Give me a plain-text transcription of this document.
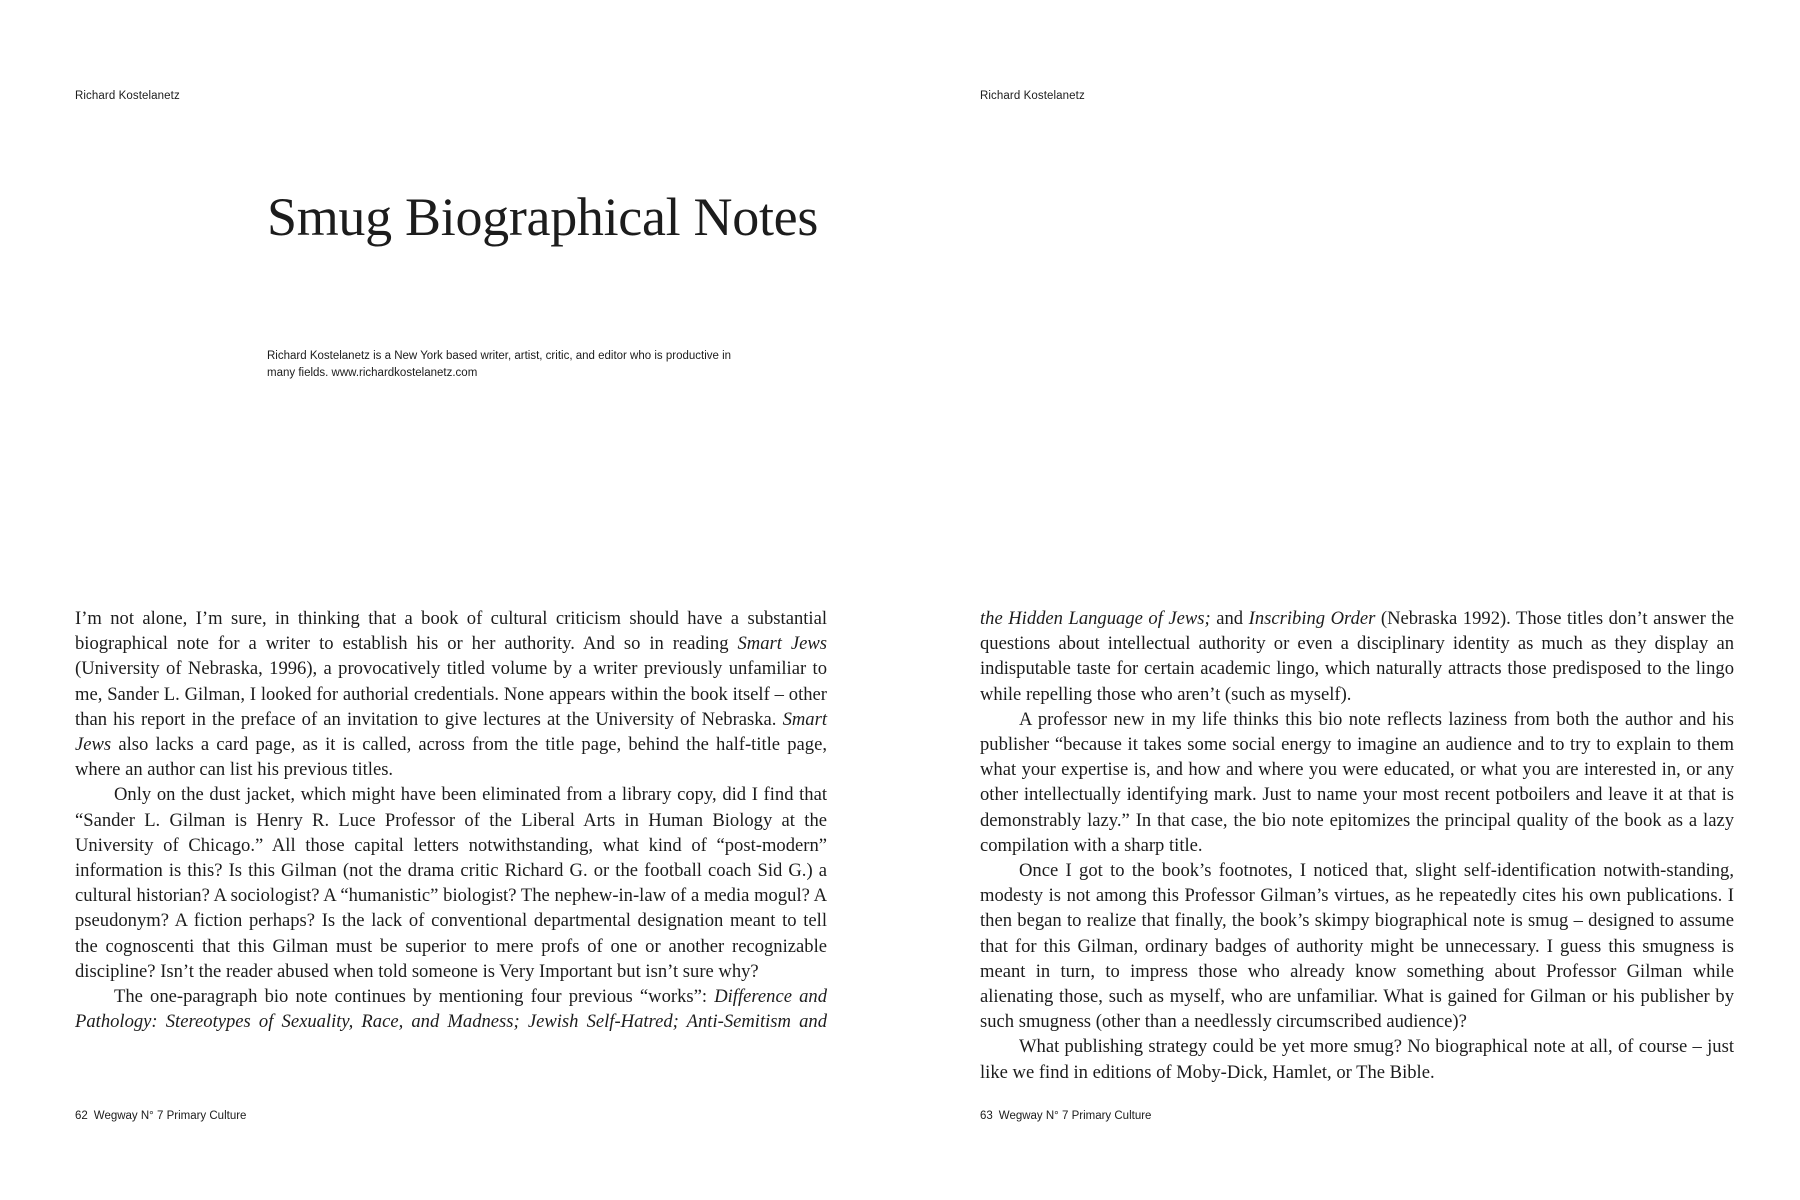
Richard Kostelanetz
Smug Biographical Notes
Richard Kostelanetz is a New York based writer, artist, critic, and editor who is productive in
many fields. www.richardkostelanetz.com

I’m not alone, I’m sure, in thinking that a book of cultural criticism should have a substantial biographical note for a writer to establish his or her authority. And so in reading Smart Jews (University of Nebraska, 1996), a provocatively titled volume by a writer previously unfamiliar to me, Sander L. Gilman, I looked for authorial credentials. None appears within the book itself – other than his report in the preface of an invitation to give lectures at the University of Nebraska. Smart Jews also lacks a card page, as it is called, across from the title page, behind the half-title page, where an author can list his previous titles.

Only on the dust jacket, which might have been eliminated from a library copy, did I find that “Sander L. Gilman is Henry R. Luce Professor of the Liberal Arts in Human Biology at the University of Chicago.” All those capital letters notwithstanding, what kind of “post-modern” information is this? Is this Gilman (not the drama critic Richard G. or the football coach Sid G.) a cultural historian? A sociologist? A “humanistic” biologist? The nephew-in-law of a media mogul? A pseudonym? A fiction perhaps? Is the lack of conventional departmental designation meant to tell the cognoscenti that this Gilman must be superior to mere profs of one or another recognizable discipline? Isn’t the reader abused when told someone is Very Important but isn’t sure why?

The one-paragraph bio note continues by mentioning four previous “works”: Difference and Pathology: Stereotypes of Sexuality, Race, and Madness; Jewish Self-Hatred; Anti-Semitism and

62 Wegway N° 7 Primary Culture
Richard Kostelanetz

the Hidden Language of Jews; and Inscribing Order (Nebraska 1992). Those titles don’t answer the questions about intellectual authority or even a disciplinary identity as much as they display an indisputable taste for certain academic lingo, which naturally attracts those predisposed to the lingo while repelling those who aren’t (such as myself).

A professor new in my life thinks this bio note reflects laziness from both the author and his publisher “because it takes some social energy to imagine an audience and to try to explain to them what your expertise is, and how and where you were educated, or what you are interested in, or any other intellectually identifying mark. Just to name your most recent potboilers and leave it at that is demonstrably lazy.” In that case, the bio note epitomizes the principal quality of the book as a lazy compilation with a sharp title.

Once I got to the book’s footnotes, I noticed that, slight self-identification notwith-standing, modesty is not among this Professor Gilman’s virtues, as he repeatedly cites his own publications. I then began to realize that finally, the book’s skimpy biographical note is smug – designed to assume that for this Gilman, ordinary badges of authority might be unnecessary. I guess this smugness is meant in turn, to impress those who already know something about Professor Gilman while alienating those, such as myself, who are unfamiliar. What is gained for Gilman or his publisher by such smugness (other than a needlessly circumscribed audience)?

What publishing strategy could be yet more smug? No biographical note at all, of course – just like we find in editions of Moby-Dick, Hamlet, or The Bible.

63 Wegway N° 7 Primary Culture
